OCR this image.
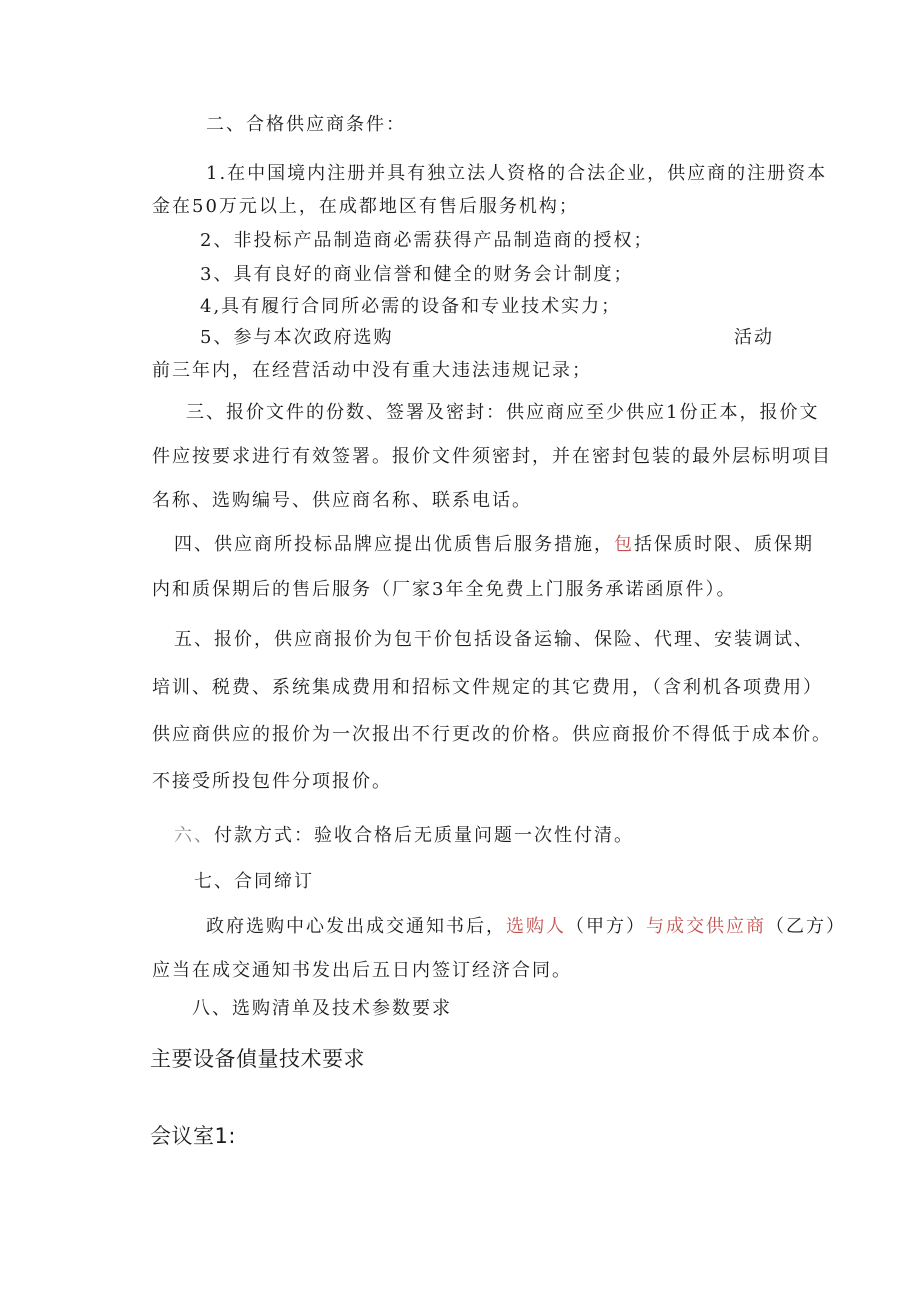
二、合格供应商条件：
1.在中国境内注册并具有独立法人资格的合法企业，供应商的注册资本
金在50万元以上，在成都地区有售后服务机构；
2、非投标产品制造商必需获得产品制造商的授权；
3、具有良好的商业信誉和健全的财务会计制度；
4,具有履行合同所必需的设备和专业技术实力；
5、参与本次政府选购	活动
前三年内，在经营活动中没有重大违法违规记录；
三、报价文件的份数、签署及密封：供应商应至少供应1份正本，报价文
件应按要求进行有效签署。报价文件须密封，并在密封包装的最外层标明项目
名称、选购编号、供应商名称、联系电话。
四、供应商所投标品牌应提出优质售后服务措施，包括保质时限、质保期
内和质保期后的售后服务（厂家3年全免费上门服务承诺函原件）。
五、报价，供应商报价为包干价包括设备运输、保险、代理、安装调试、
培训、税费、系统集成费用和招标文件规定的其它费用，（含利机各项费用）
供应商供应的报价为一次报出不行更改的价格。供应商报价不得低于成本价。
不接受所投包件分项报价。
六、付款方式：验收合格后无质量问题一次性付清。
七、合同缔订
政府选购中心发出成交通知书后，选购人（甲方）与成交供应商（乙方）
应当在成交通知书发出后五日内签订经济合同。
八、选购清单及技术参数要求
主要设备偵量技术要求
会议室1:
